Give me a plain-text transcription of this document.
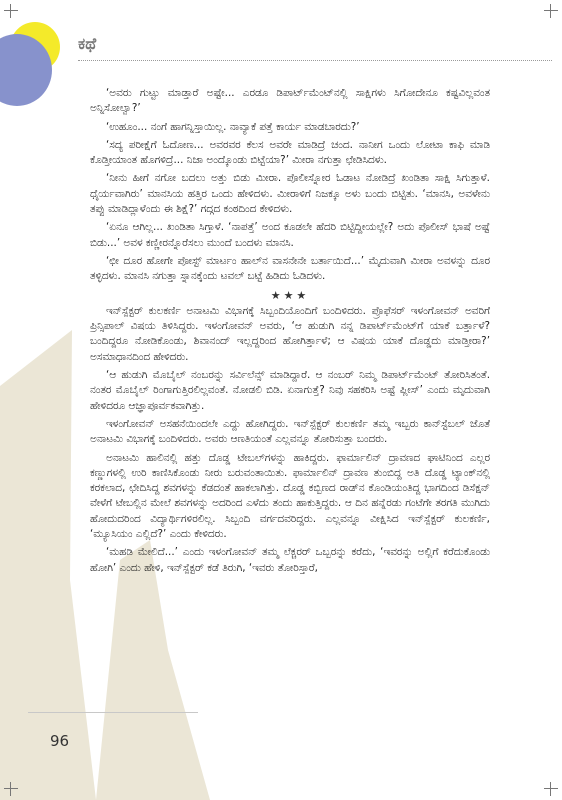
ಕಥೆ

‘ಅವರು ಗುಟ್ಟು ಮಾಡ್ತಾರೆ ಅಷ್ಟೇ... ಎರಡೂ ಡಿಪಾರ್ಟ್‌ಮೆಂಟ್‌ನಲ್ಲಿ ಸಾಕ್ಷಿಗಳು ಸಿಗೋದೇನೂ ಕಷ್ಟವಿಲ್ಲವಂತ ಅನ್ನಿಸೋಲ್ವಾ?’

‘ಉಹೂಂ... ನಂಗೆ ಹಾಗನ್ನಿಸ್ತಾಯಿಲ್ಲ. ನಾವ್ಯಾಕೆ ಪತ್ತೆ ಕಾರ್ಯ ಮಾಡಬಾರದು?’

‘ಸದ್ಯ ಪರೀಕ್ಷೆಗೆ ಓದೋಣ... ಅವರವರ ಕೆಲಸ ಅವರೇ ಮಾಡಿದ್ರೆ ಚಂದ. ನಾನೀಗ ಒಂದು ಲೋಟಾ ಕಾಫಿ ಮಾಡಿ ಕೊಡ್ತೀಯಾಂತ ಹೊಗಳಿದ್ರೆ... ನಿಜಾ ಅಂದ್ಕೊಂಡು ಬಿಟ್ಟೆಯಾ?’ ಮೀರಾ ನಗುತ್ತಾ ಛೇಡಿಸಿದಳು.

‘ನೀನು ಹೀಗೆ ನಗೋ ಬದಲು ಅತ್ತು ಬಿಡು ಮೀರಾ. ಪೊಲೀಸ್ನೋರ ಓಡಾಟ ನೋಡಿದ್ರೆ ಖಂಡಿತಾ ಸಾಕ್ಷಿ ಸಿಗುತ್ತಾಳೆ. ಧೈರ್ಯವಾಗಿರು’ ಮಾನಸಿಯ ಹತ್ತಿರ ಒಂದು ಹೇಳಿದಳು. ಮೀರಾಳಿಗೆ ನಿಜಕ್ಕೂ ಅಳು ಬಂದು ಬಿಟ್ಟಿತು. ‘ಮಾನಸಿ, ಅವಳೇನು ತಪ್ಪು ಮಾಡಿದ್ಲಾಳೆಂದು ಈ ಶಿಕ್ಷೆ?’ ಗದ್ಗದ ಕಂಠದಿಂದ ಕೇಳಿದಳು.

‘ಏನೂ ಆಗಿಲ್ಲ... ಖಂಡಿತಾ ಸಿಗ್ತಾಳೆ. ‘ನಾಪತ್ತೆ’ ಅಂದ ಕೂಡಲೇ ಹೆದರಿ ಬಿಟ್ಟಿದ್ದೀಯಲ್ಲೇ? ಅದು ಪೊಲೀಸ್ ಭಾಷೆ ಅಷ್ಟೆ ಬಿಡು...’ ಅವಳ ಕಣ್ಣೀರನ್ನೊರೆಸಲು ಮುಂದೆ ಬಂದಳು ಮಾನಸಿ.

‘ಛೀ ದೂರ ಹೋಗೇ ಪೋಸ್ಟ್ ಮಾರ್ಟಂ ಹಾಲ್‌ನ ವಾಸನೇನೇ ಬರ್ತಾಯಿದೆ...’ ಮೈದುವಾಗಿ ಮೀರಾ ಅವಳನ್ನು ದೂರ ತಳ್ಳಿದಳು. ಮಾನಸಿ ನಗುತ್ತಾ ಸ್ನಾನಕ್ಕೆಂದು ಟವಲ್ ಬಟ್ಟೆ ಹಿಡಿದು ಓಡಿದಳು.

★★★

ಇನ್‌ಸ್ಪೆಕ್ಟರ್ ಕುಲಕರ್ಣಿ ಅನಾಟಮಿ ವಿಭಾಗಕ್ಕೆ ಸಿಬ್ಬಂದಿಯೊಂದಿಗೆ ಬಂದಿಳಿದರು. ಪ್ರೊಫೆಸರ್ ಇಳಂಗೋವನ್ ಅವರಿಗೆ ಪ್ರಿನ್ಸಿಪಾಲ್ ವಿಷಯ ತಿಳಿಸಿದ್ದರು. ಇಳಂಗೋವನ್ ಅವರು, ‘ಆ ಹುಡುಗಿ ನನ್ನ ಡಿಪಾರ್ಟ್‌ಮೆಂಟ್‌ಗೆ ಯಾಕೆ ಬರ್ತ್ತಾಳೆ? ಬಂದಿದ್ದರೂ ನೋಡಿಕೊಂಡು, ಶಿವಾನಂದ್ ಇಲ್ಲದ್ದರಿಂದ ಹೋಗಿರ್ತ್ತಾಳೆ; ಆ ವಿಷಯ ಯಾಕೆ ದೊಡ್ಡದು ಮಾಡ್ತೀರಾ?’ ಅಸಮಾಧಾನದಿಂದ ಹೇಳಿದರು.

‘ಆ ಹುಡುಗಿ ಮೊಬೈಲ್ ನಂಬರನ್ನು ಸರ್ವಿಲೆನ್ಸ್ ಮಾಡಿದ್ದಾರೆ. ಆ ನಂಬರ್ ನಿಮ್ಮ ಡಿಪಾರ್ಟ್‌ಮೆಂಟ್ ತೋರಿಸಿತಂತೆ. ನಂತರ ಮೊಬೈಲ್ ರಿಂಗಾಗುತ್ತಿರಲಿಲ್ಲವಂತೆ. ನೋಡಲಿ ಬಿಡಿ. ಏನಾಗುತ್ತೆ? ನಿವು ಸಹಕರಿಸಿ ಅಷ್ಟೆ ಪ್ಲೀಸ್’ ಎಂದು ಮೃದುವಾಗಿ ಹೇಳಿದರೂ ಆಜ್ಞಾಪೂರ್ವಕವಾಗಿತ್ತು.

ಇಳಂಗೋವನ್ ಅಸಹನೆಯಿಂದಲೇ ಎದ್ದು ಹೋಗಿದ್ದರು. ಇನ್‌ಸ್ಪೆಕ್ಟರ್ ಕುಲಕರ್ಣಿ ತಮ್ಮ ಇಬ್ಬರು ಕಾನ್‌ಸ್ಟೆಬಲ್ ಜೊತೆ ಅನಾಟಮಿ ವಿಭಾಗಕ್ಕೆ ಬಂದಿಳಿದರು. ಅವರು ಆಣತಿಯಂತೆ ಎಲ್ಲವನ್ನೂ ತೋರಿಸುತ್ತಾ ಬಂದರು.

ಅನಾಟಮಿ ಹಾಲಿನಲ್ಲಿ ಹತ್ತು ದೊಡ್ಡ ಟೇಬಲ್‌ಗಳನ್ನು ಹಾಕಿದ್ದರು. ಫಾರ್ಮಾಲಿನ್ ದ್ರಾವಣದ ಘಾಟಿನಿಂದ ಎಲ್ಲರ ಕಣ್ಣುಗಳಲ್ಲಿ ಉರಿ ಕಾಣಿಸಿಕೊಂಡು ನೀರು ಬರುವಂತಾಯಿತು. ಫಾರ್ಮಾಲಿನ್ ದ್ರಾವಣ ತುಂಬಿದ್ದ ಅತಿ ದೊಡ್ಡ ಟ್ಯಾಂಕ್‌ನಲ್ಲಿ ಕರಕಲಾದ, ಛೇದಿಸಿದ್ದ ಶವಗಳನ್ನು ಕೆಡದಂತೆ ಹಾಕಲಾಗಿತ್ತು. ದೊಡ್ಡ ಕಬ್ಬಿಣದ ರಾಡ್‌ನ ಕೊಂಡಿಯಂತಿದ್ದ ಭಾಗದಿಂದ ಡಿಸೆಕ್ಷನ್ ವೇಳೆಗೆ ಟೇಬಲ್ಲಿನ ಮೇಲೆ ಶವಗಳನ್ನು ಅದರಿಂದ ಎಳೆದು ತಂದು ಹಾಕುತ್ತಿದ್ದರು. ಆ ದಿನ ಹನ್ನೆರಡು ಗಂಟೆಗೇ ತರಗತಿ ಮುಗಿದು ಹೋದುದರಿಂದ ವಿದ್ಯಾರ್ಥಿಗಳಿರಲಿಲ್ಲ. ಸಿಬ್ಬಂದಿ ವರ್ಗದವರಿದ್ದರು. ಎಲ್ಲವನ್ನೂ ವೀಕ್ಷಿಸಿದ ಇನ್‌ಸ್ಪೆಕ್ಟರ್ ಕುಲಕರ್ಣಿ, ‘ಮ್ಯೂಸಿಯಂ ಎಲ್ಲಿದೆ?’ ಎಂದು ಕೇಳಿದರು.

‘ಮಹಡಿ ಮೇಲಿದೆ...’ ಎಂದು ಇಳಂಗೋವನ್ ತಮ್ಮ ಲೆಕ್ಚರರ್ ಒಬ್ಬರನ್ನು ಕರೆದು, ‘ಇವರನ್ನು ಅಲ್ಲಿಗೆ ಕರೆದುಕೊಂಡು ಹೋಗಿ’ ಎಂದು ಹೇಳಿ, ಇನ್‌ಸ್ಪೆಕ್ಟರ್ ಕಡೆ ತಿರುಗಿ, ‘ಇವರು ತೋರಿಸ್ತಾರೆ,

96
